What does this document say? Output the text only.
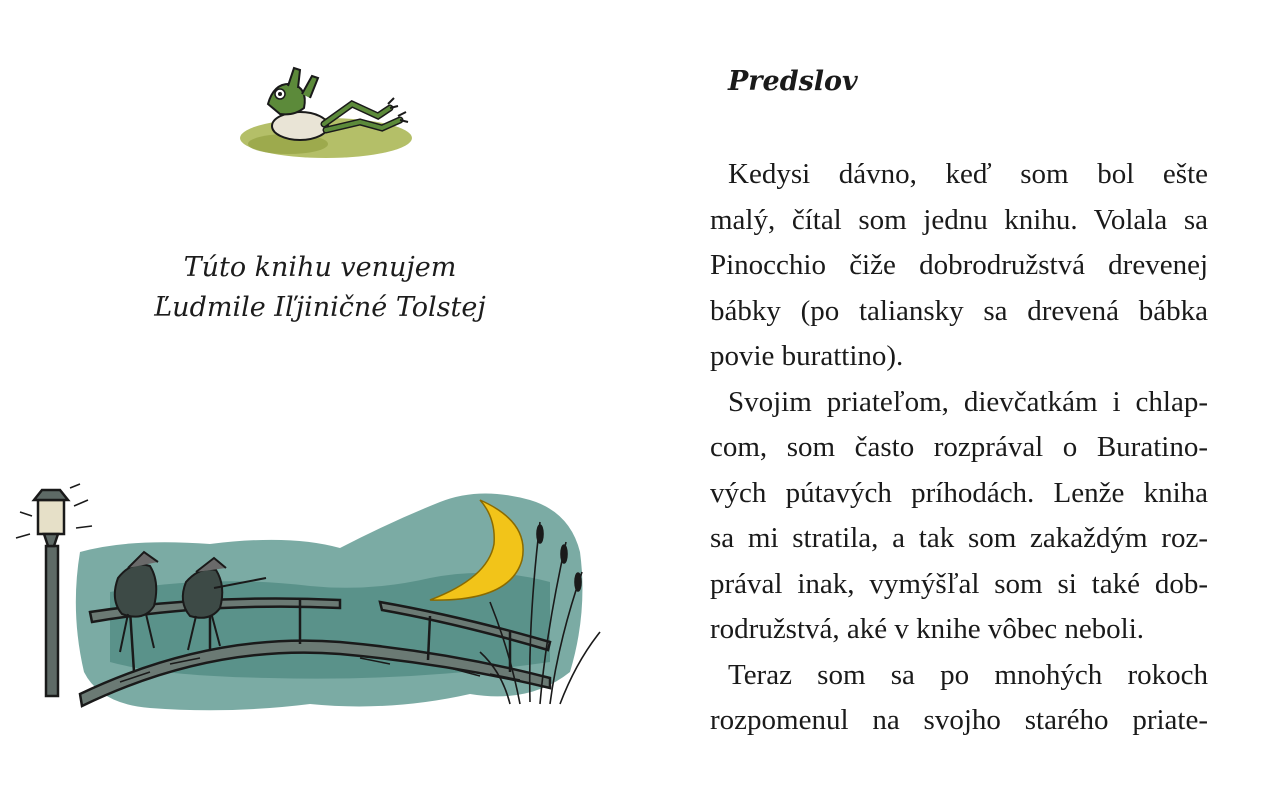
Túto knihu venujem
Ľudmile Iľjiničné Tolstej
Predslov
Kedysi dávno, keď som bol ešte
malý, čítal som jednu knihu. Volala sa
Pinocchio čiže dobrodružstvá drevenej
bábky (po taliansky sa drevená bábka
povie burattino).
Svojim priateľom, dievčatkám i chlap-
com, som často rozprával o Buratino-
vých pútavých príhodách. Lenže kniha
sa mi stratila, a tak som zakaždým roz-
prával inak, vymýšľal som si také dob-
rodružstvá, aké v knihe vôbec neboli.
Teraz som sa po mnohých rokoch
rozpomenul na svojho starého priate-
